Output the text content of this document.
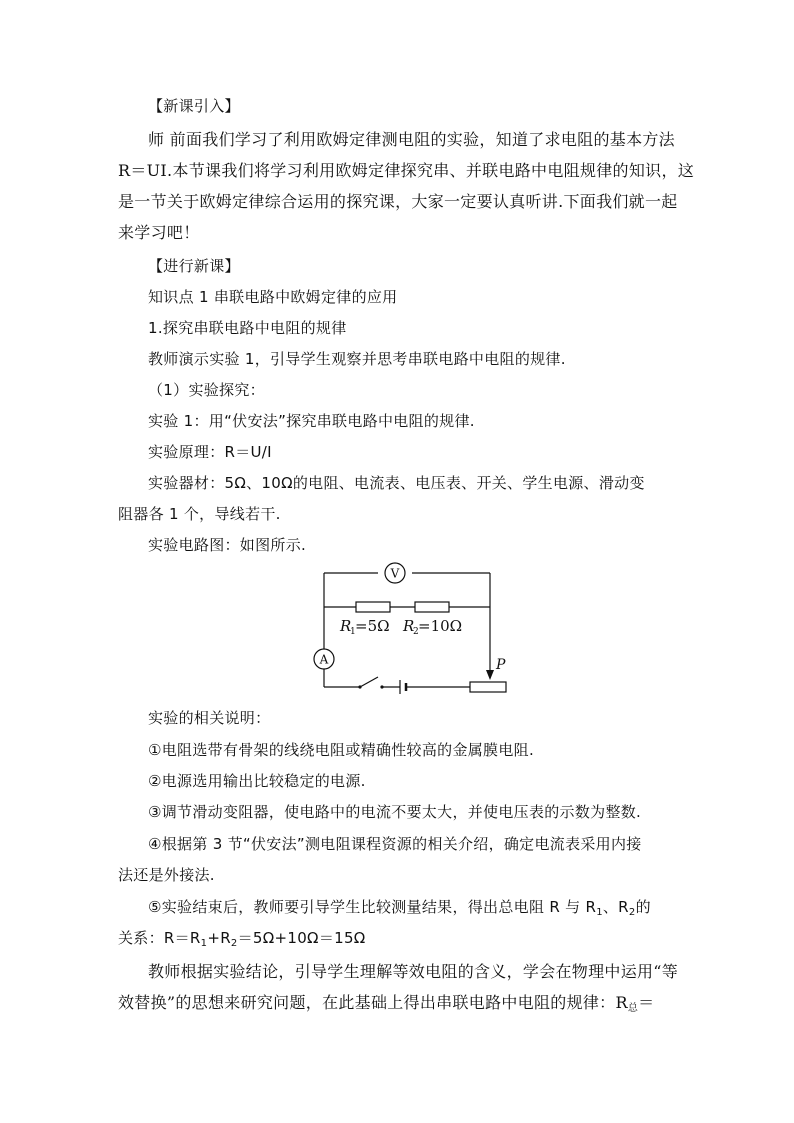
【新课引入】
师 前面我们学习了利用欧姆定律测电阻的实验，知道了求电阻的基本方法
R＝UI.本节课我们将学习利用欧姆定律探究串、并联电路中电阻规律的知识，这
是一节关于欧姆定律综合运用的探究课，大家一定要认真听讲.下面我们就一起
来学习吧！
【进行新课】
知识点 1 串联电路中欧姆定律的应用
1.探究串联电路中电阻的规律
教师演示实验 1，引导学生观察并思考串联电路中电阻的规律.
（1）实验探究：
实验 1：用“伏安法”探究串联电路中电阻的规律.
实验原理：R＝U/I
实验器材：5Ω、10Ω的电阻、电流表、电压表、开关、学生电源、滑动变
阻器各 1 个，导线若干.
实验电路图：如图所示.
V
A
R
1 =5Ω R
2 =10Ω
P
实验的相关说明：
①电阻选带有骨架的线绕电阻或精确性较高的金属膜电阻.
②电源选用输出比较稳定的电源.
③调节滑动变阻器，使电路中的电流不要太大，并使电压表的示数为整数.
④根据第 3 节“伏安法”测电阻课程资源的相关介绍，确定电流表采用内接
法还是外接法.
⑤实验结束后，教师要引导学生比较测量结果，得出总电阻 R 与 $R_1$、$R_2$的
关系：$R=R_1+R_2=5\Omega+10\Omega=15\Omega$
教师根据实验结论，引导学生理解等效电阻的含义，学会在物理中运用“等
效替换”的思想来研究问题，在此基础上得出串联电路中电阻的规律：$R_总=$
